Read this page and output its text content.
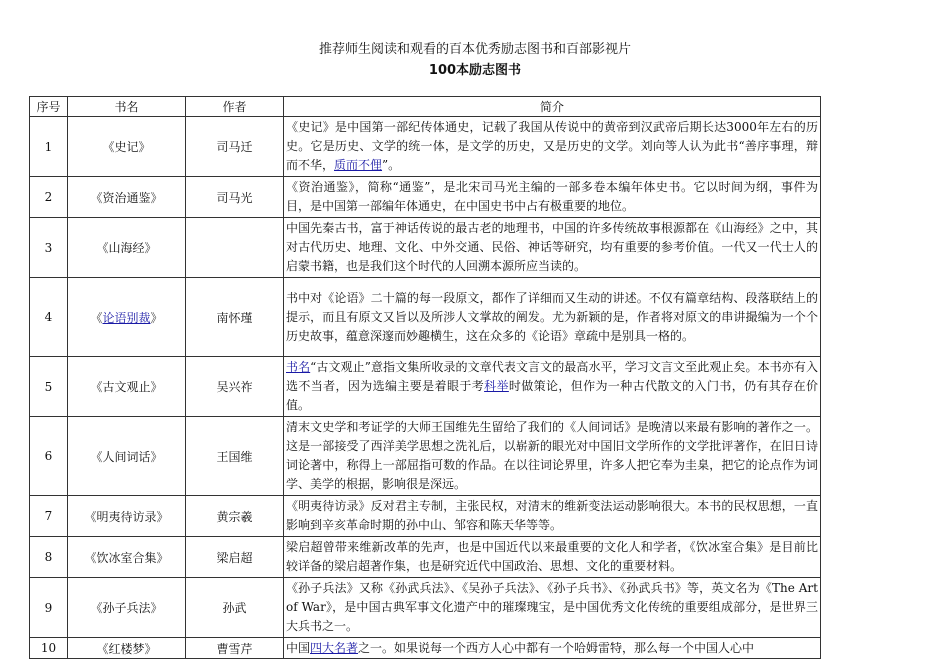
推荐师生阅读和观看的百本优秀励志图书和百部影视片
100本励志图书
序号	书名	作者	简介
1	《史记》	司马迁	《史记》是中国第一部纪传体通史，记载了我国从传说中的黄帝到汉武帝后期长达3000年左右的历史。它是历史、文学的统一体，是文学的历史，又是历史的文学。刘向等人认为此书“善序事理，辩而不华，质而不俚”。
2	《资治通鉴》	司马光	《资治通鉴》，简称“通鉴”，是北宋司马光主编的一部多卷本编年体史书。它以时间为纲，事件为目，是中国第一部编年体通史，在中国史书中占有极重要的地位。
3	《山海经》		中国先秦古书，富于神话传说的最古老的地理书，中国的许多传统故事根源都在《山海经》之中，其对古代历史、地理、文化、中外交通、民俗、神话等研究，均有重要的参考价值。一代又一代士人的启蒙书籍，也是我们这个时代的人回溯本源所应当读的。
4	《论语别裁》	南怀瑾	书中对《论语》二十篇的每一段原文，都作了详细而又生动的讲述。不仅有篇章结构、段落联结上的提示，而且有原文又旨以及所涉人文掌故的阐发。尤为新颖的是，作者将对原文的串讲撮编为一个个历史故事，蕴意深邃而妙趣横生，这在众多的《论语》章疏中是别具一格的。
5	《古文观止》	吴兴祚	书名“古文观止”意指文集所收录的文章代表文言文的最高水平，学习文言文至此观止矣。本书亦有入选不当者，因为选编主要是着眼于考科举时做策论，但作为一种古代散文的入门书，仍有其存在价值。
6	《人间词话》	王国维	清末文史学和考证学的大师王国维先生留给了我们的《人间词话》是晚清以来最有影响的著作之一。这是一部接受了西洋美学思想之洗礼后，以崭新的眼光对中国旧文学所作的文学批评著作，在旧日诗词论著中，称得上一部屈指可数的作品。在以往词论界里，许多人把它奉为圭臬，把它的论点作为词学、美学的根据，影响很是深远。
7	《明夷待访录》	黄宗羲	《明夷待访录》反对君主专制，主张民权，对清末的维新变法运动影响很大。本书的民权思想，一直影响到辛亥革命时期的孙中山、邹容和陈天华等等。
8	《饮冰室合集》	梁启超	梁启超曾带来维新改革的先声，也是中国近代以来最重要的文化人和学者，《饮冰室合集》是目前比较详备的梁启超著作集，也是研究近代中国政治、思想、文化的重要材料。
9	《孙子兵法》	孙武	《孙子兵法》又称《孙武兵法》、《吴孙子兵法》、《孙子兵书》、《孙武兵书》等，英文名为《The Art of War》，是中国古典军事文化遗产中的璀璨瑰宝，是中国优秀文化传统的重要组成部分，是世界三大兵书之一。
10	《红楼梦》	曹雪芹	中国四大名著之一。如果说每一个西方人心中都有一个哈姆雷特，那么每一个中国人心中
